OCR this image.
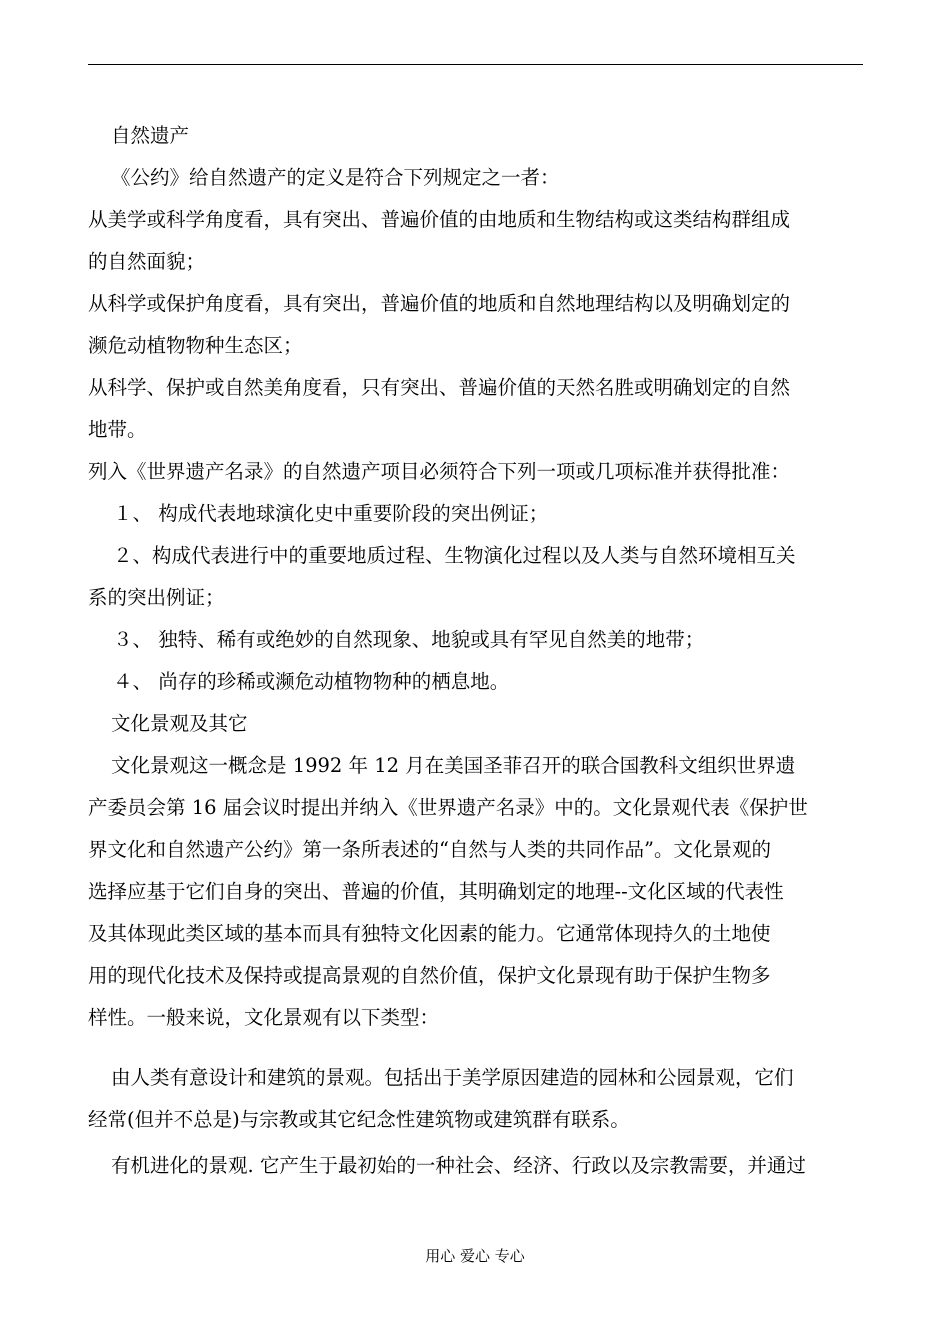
自然遗产
《公约》给自然遗产的定义是符合下列规定之一者：
从美学或科学角度看，具有突出、普遍价值的由地质和生物结构或这类结构群组成
的自然面貌；
从科学或保护角度看，具有突出，普遍价值的地质和自然地理结构以及明确划定的
濒危动植物物种生态区；
从科学、保护或自然美角度看，只有突出、普遍价值的天然名胜或明确划定的自然
地带。
列入《世界遗产名录》的自然遗产项目必须符合下列一项或几项标准并获得批准：
１、 构成代表地球演化史中重要阶段的突出例证；
２、构成代表进行中的重要地质过程、生物演化过程以及人类与自然环境相互关
系的突出例证；
３、 独特、稀有或绝妙的自然现象、地貌或具有罕见自然美的地带；
４、 尚存的珍稀或濒危动植物物种的栖息地。
文化景观及其它
文化景观这一概念是 1992 年 12 月在美国圣菲召开的联合国教科文组织世界遗
产委员会第 16 届会议时提出并纳入《世界遗产名录》中的。文化景观代表《保护世
界文化和自然遗产公约》第一条所表述的“自然与人类的共同作品”。文化景观的
选择应基于它们自身的突出、普遍的价值，其明确划定的地理--文化区域的代表性
及其体现此类区域的基本而具有独特文化因素的能力。它通常体现持久的土地使
用的现代化技术及保持或提高景观的自然价值，保护文化景现有助于保护生物多
样性。一般来说，文化景观有以下类型：
由人类有意设计和建筑的景观。包括出于美学原因建造的园林和公园景观，它们
经常(但并不总是)与宗教或其它纪念性建筑物或建筑群有联系。
有机进化的景观. 它产生于最初始的一种社会、经济、行政以及宗教需要，并通过
用心 爱心 专心
